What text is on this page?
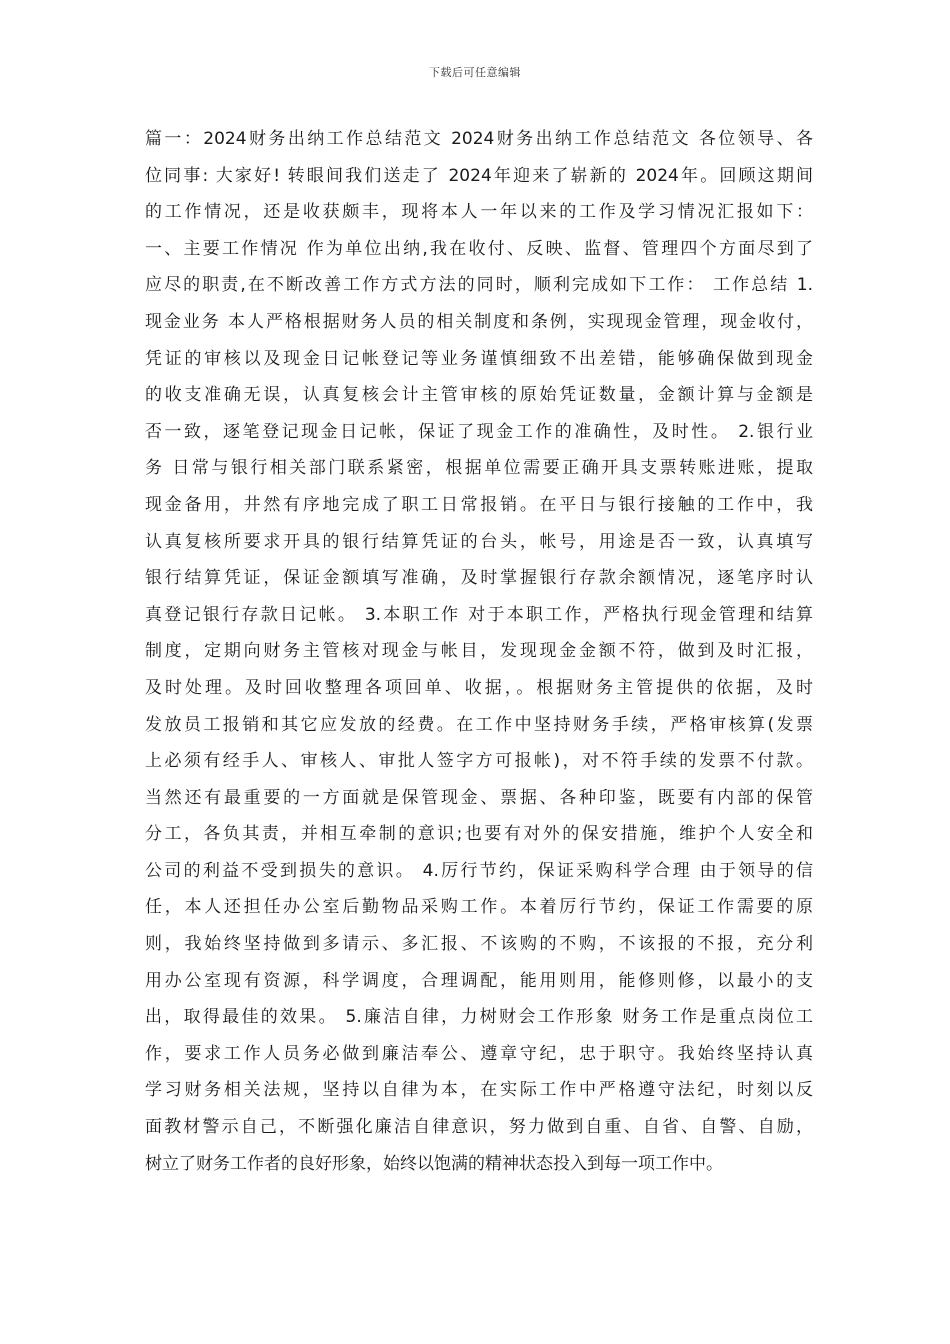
下载后可任意编辑
篇一：2024财务出纳工作总结范文 2024财务出纳工作总结范文 各位领导、各
位同事: 大家好! 转眼间我们送走了 2024年迎来了崭新的 2024年。回顾这期间
的工作情况，还是收获颇丰，现将本人一年以来的工作及学习情况汇报如下：
一、主要工作情况 作为单位出纳,我在收付、反映、监督、管理四个方面尽到了
应尽的职责,在不断改善工作方式方法的同时，顺利完成如下工作： 工作总结 1.
现金业务 本人严格根据财务人员的相关制度和条例，实现现金管理，现金收付，
凭证的审核以及现金日记帐登记等业务谨慎细致不出差错，能够确保做到现金
的收支准确无误，认真复核会计主管审核的原始凭证数量，金额计算与金额是
否一致，逐笔登记现金日记帐，保证了现金工作的准确性，及时性。 2.银行业
务 日常与银行相关部门联系紧密，根据单位需要正确开具支票转账进账，提取
现金备用，井然有序地完成了职工日常报销。在平日与银行接触的工作中，我
认真复核所要求开具的银行结算凭证的台头，帐号，用途是否一致，认真填写
银行结算凭证，保证金额填写准确，及时掌握银行存款余额情况，逐笔序时认
真登记银行存款日记帐。 3.本职工作 对于本职工作，严格执行现金管理和结算
制度，定期向财务主管核对现金与帐目，发现现金金额不符，做到及时汇报，
及时处理。及时回收整理各项回单、收据，。根据财务主管提供的依据，及时
发放员工报销和其它应发放的经费。在工作中坚持财务手续，严格审核算(发票
上必须有经手人、审核人、审批人签字方可报帐)，对不符手续的发票不付款。
当然还有最重要的一方面就是保管现金、票据、各种印鉴，既要有内部的保管
分工，各负其责，并相互牵制的意识;也要有对外的保安措施，维护个人安全和
公司的利益不受到损失的意识。 4.厉行节约，保证采购科学合理 由于领导的信
任，本人还担任办公室后勤物品采购工作。本着厉行节约，保证工作需要的原
则，我始终坚持做到多请示、多汇报、不该购的不购，不该报的不报，充分利
用办公室现有资源，科学调度，合理调配，能用则用，能修则修，以最小的支
出，取得最佳的效果。 5.廉洁自律，力树财会工作形象 财务工作是重点岗位工
作，要求工作人员务必做到廉洁奉公、遵章守纪，忠于职守。我始终坚持认真
学习财务相关法规，坚持以自律为本，在实际工作中严格遵守法纪，时刻以反
面教材警示自己，不断强化廉洁自律意识，努力做到自重、自省、自警、自励，
树立了财务工作者的良好形象，始终以饱满的精神状态投入到每一项工作中。
